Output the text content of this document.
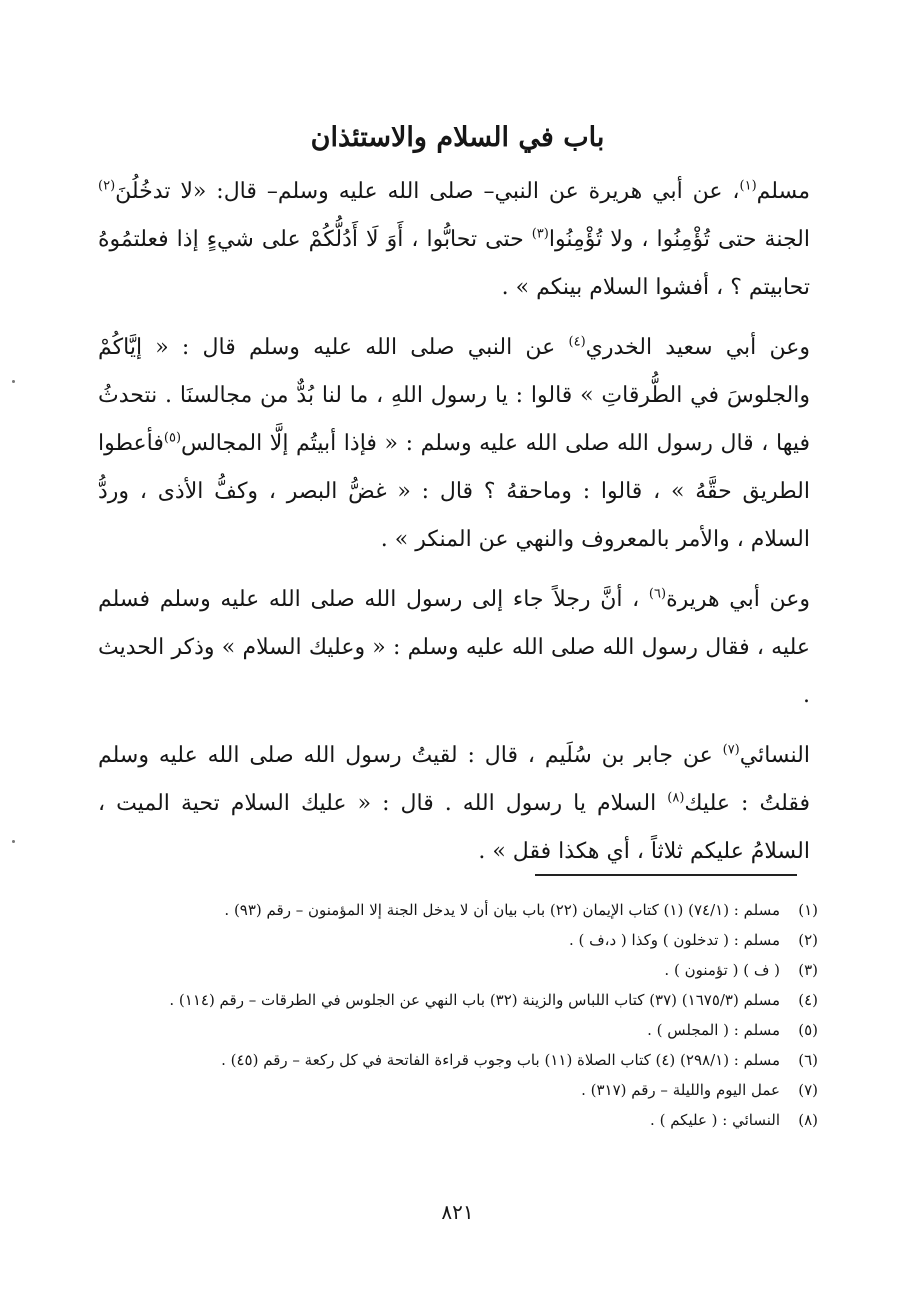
باب في السلام والاستئذان

مسلم$^{(١)}$، عن أبي هريرة عن النبي– صلى الله عليه وسلم– قال: «لا تدخُلُنَ$^{(٢)}$ الجنة حتى تُؤْمِنُوا ، ولا تُؤْمِنُوا$^{(٣)}$ حتى تحابُّوا ، أَوَ لَا أَدُلُّكُمْ على شيءٍ إذا فعلتمُوهُ تحابيتم ؟ ، أفشوا السلام بينكم » .

وعن أبي سعيد الخدري$^{(٤)}$ عن النبي صلى الله عليه وسلم قال : « إيَّاكُمْ والجلوسَ في الطُّرقاتِ » قالوا : يا رسول اللهِ ، ما لنا بُدٌّ من مجالسنَا . نتحدثُ فيها ، قال رسول الله صلى الله عليه وسلم : « فإذا أبيتُم إلَّا المجالس$^{(٥)}$فأعطوا الطريق حقَّهُ » ، قالوا : وماحقهُ ؟ قال : « غضُّ البصر ، وكفُّ الأذى ، وردُّ السلام ، والأمر بالمعروف والنهي عن المنكر » .

وعن أبي هريرة$^{(٦)}$ ، أنَّ رجلاً جاء إلى رسول الله صلى الله عليه وسلم فسلم عليه ، فقال رسول الله صلى الله عليه وسلم : « وعليك السلام » وذكر الحديث .

النسائي$^{(٧)}$ عن جابر بن سُلَيم ، قال : لقيتُ رسول الله صلى الله عليه وسلم فقلتُ : عليك$^{(٨)}$ السلام يا رسول الله . قال : « عليك السلام تحية الميت ، السلامُ عليكم ثلاثاً ، أي هكذا فقل » .

(١)
مسلم : (٧٤/١) (١) كتاب الإيمان (٢٢) باب بيان أن لا يدخل الجنة إلا المؤمنون – رقم (٩٣) .
(٢)
مسلم : ( تدخلون ) وكذا ( د،ف ) .
(٣)
( ف ) ( تؤمنون ) .
(٤)
مسلم (١٦٧٥/٣) (٣٧) كتاب اللباس والزينة (٣٢) باب النهي عن الجلوس في الطرقات – رقم (١١٤) .
(٥)
مسلم : ( المجلس ) .
(٦)
مسلم : (٢٩٨/١) (٤) كتاب الصلاة (١١) باب وجوب قراءة الفاتحة في كل ركعة – رقم (٤٥) .
(٧)
عمل اليوم والليلة – رقم (٣١٧) .
(٨)
النسائي : ( عليكم ) .
٨٢١
